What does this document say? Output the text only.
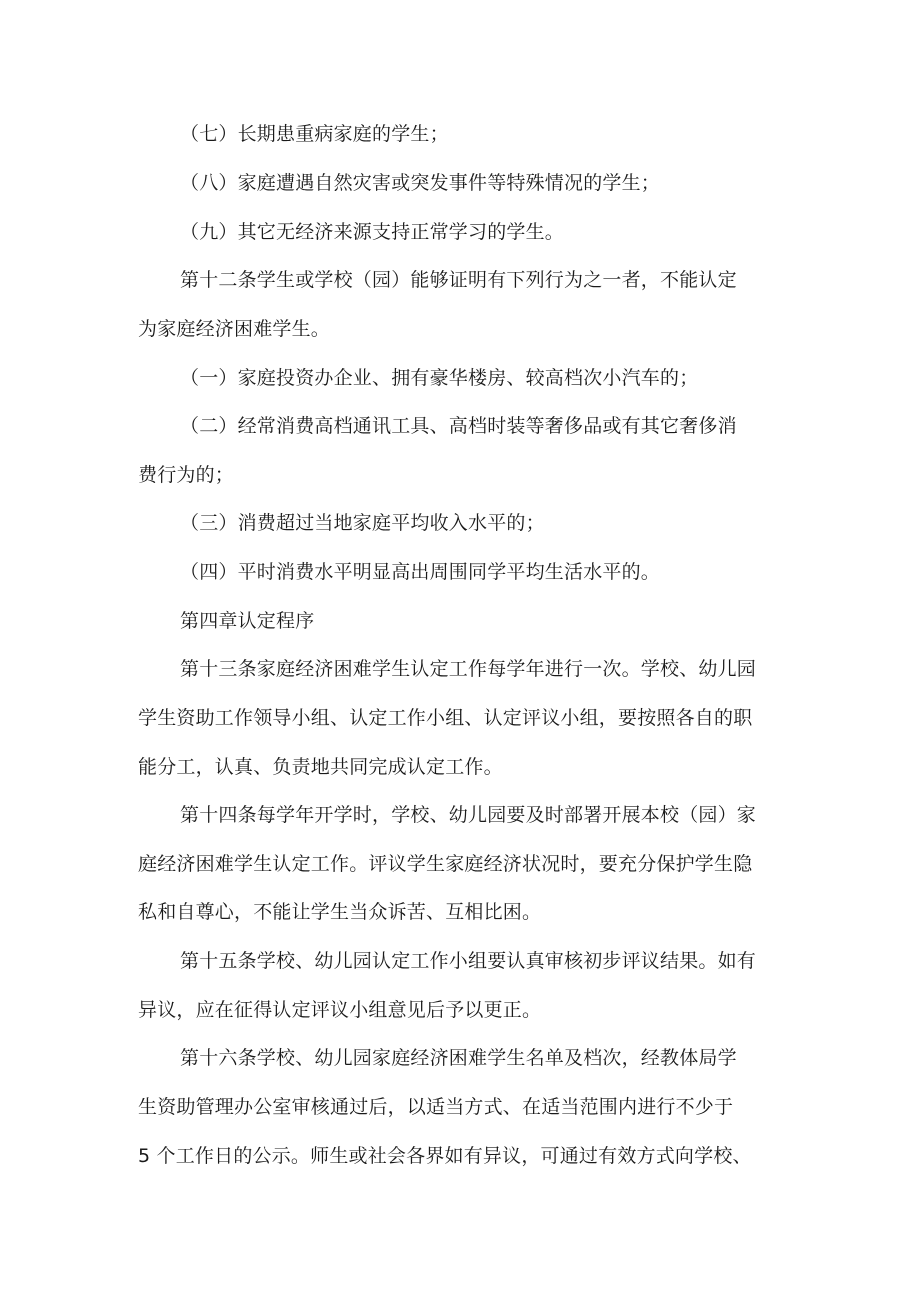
（七）长期患重病家庭的学生；
（八）家庭遭遇自然灾害或突发事件等特殊情况的学生；
（九）其它无经济来源支持正常学习的学生。
第十二条学生或学校（园）能够证明有下列行为之一者，不能认定
为家庭经济困难学生。
（一）家庭投资办企业、拥有豪华楼房、较高档次小汽车的；
（二）经常消费高档通讯工具、高档时装等奢侈品或有其它奢侈消
费行为的；
（三）消费超过当地家庭平均收入水平的；
（四）平时消费水平明显高出周围同学平均生活水平的。
第四章认定程序
第十三条家庭经济困难学生认定工作每学年进行一次。学校、幼儿园
学生资助工作领导小组、认定工作小组、认定评议小组，要按照各自的职
能分工，认真、负责地共同完成认定工作。
第十四条每学年开学时，学校、幼儿园要及时部署开展本校（园）家
庭经济困难学生认定工作。评议学生家庭经济状况时，要充分保护学生隐
私和自尊心，不能让学生当众诉苦、互相比困。
第十五条学校、幼儿园认定工作小组要认真审核初步评议结果。如有
异议，应在征得认定评议小组意见后予以更正。
第十六条学校、幼儿园家庭经济困难学生名单及档次，经教体局学
生资助管理办公室审核通过后，以适当方式、在适当范围内进行不少于
5 个工作日的公示。师生或社会各界如有异议，可通过有效方式向学校、
